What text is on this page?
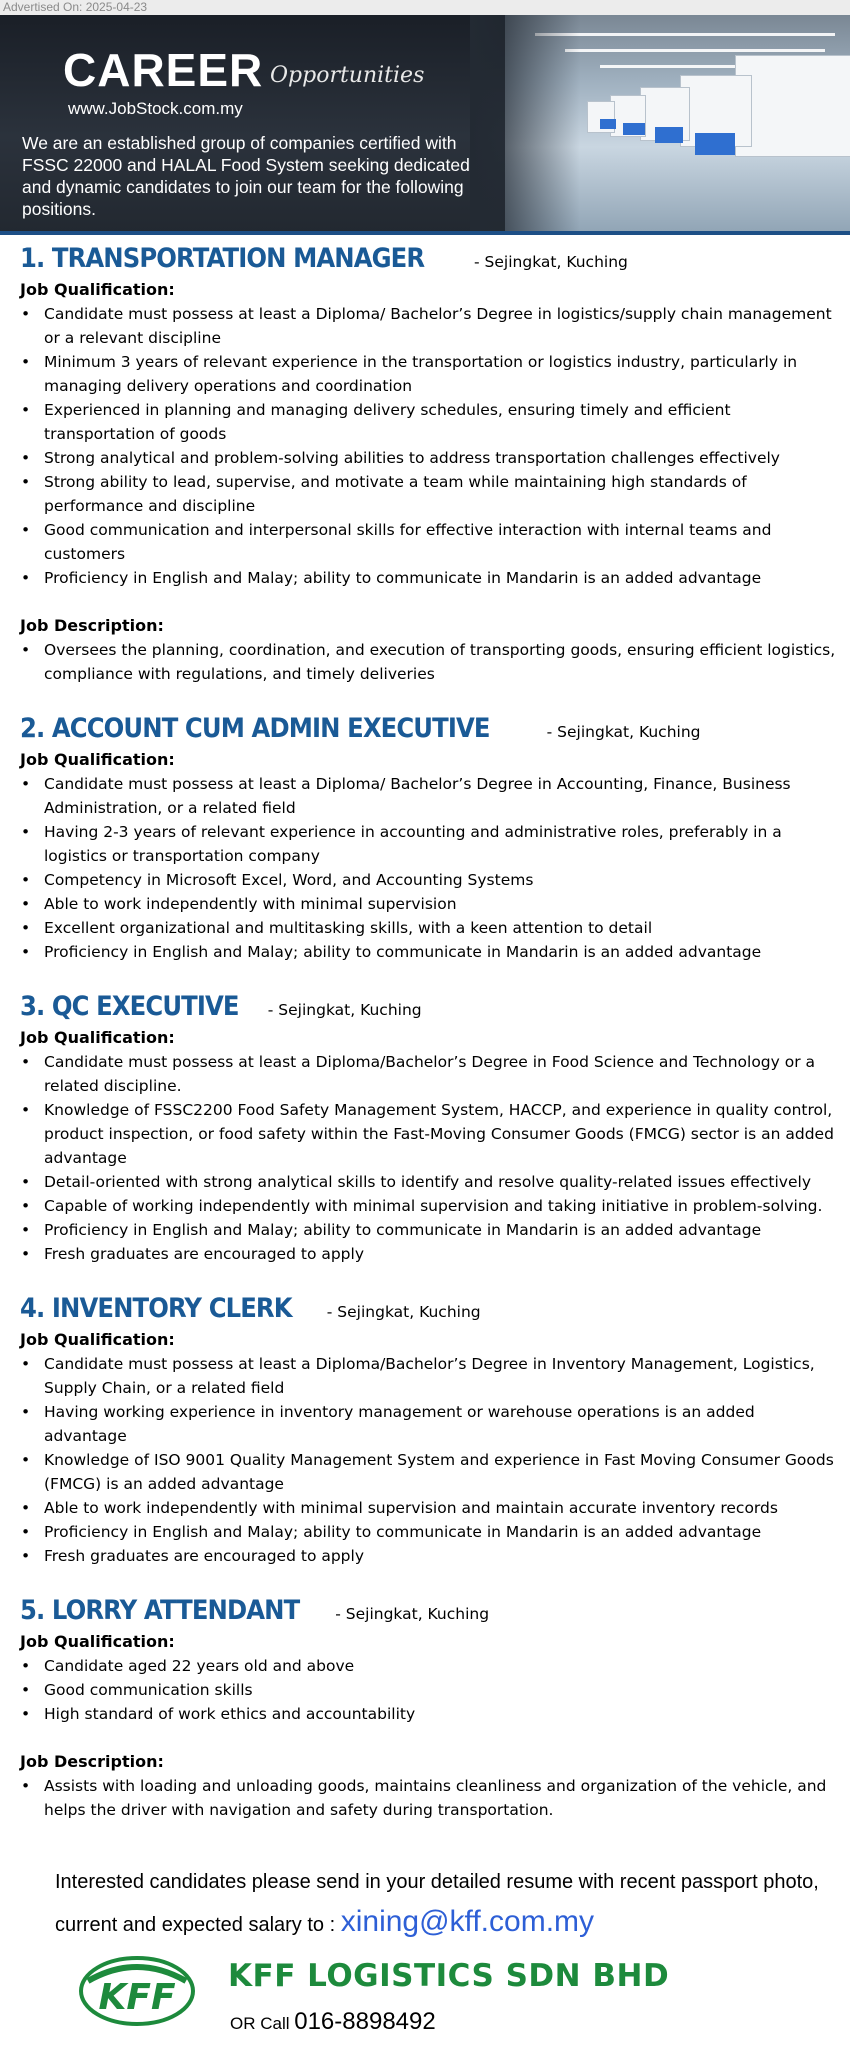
Advertised On: 2025-04-23
CAREER Opportunities
www.JobStock.com.my
We are an established group of companies certified with FSSC 22000 and HALAL Food System seeking dedicated and dynamic candidates to join our team for the following positions.
1. TRANSPORTATION MANAGER	- Sejingkat, Kuching
Job Qualification:
• Candidate must possess at least a Diploma/ Bachelor’s Degree in logistics/supply chain management or a relevant discipline
• Minimum 3 years of relevant experience in the transportation or logistics industry, particularly in managing delivery operations and coordination
• Experienced in planning and managing delivery schedules, ensuring timely and efficient transportation of goods
• Strong analytical and problem-solving abilities to address transportation challenges effectively
• Strong ability to lead, supervise, and motivate a team while maintaining high standards of performance and discipline
• Good communication and interpersonal skills for effective interaction with internal teams and customers
• Proficiency in English and Malay; ability to communicate in Mandarin is an added advantage
Job Description:
• Oversees the planning, coordination, and execution of transporting goods, ensuring efficient logistics, compliance with regulations, and timely deliveries
2. ACCOUNT CUM ADMIN EXECUTIVE	- Sejingkat, Kuching
Job Qualification:
• Candidate must possess at least a Diploma/ Bachelor’s Degree in Accounting, Finance, Business Administration, or a related field
• Having 2-3 years of relevant experience in accounting and administrative roles, preferably in a logistics or transportation company
• Competency in Microsoft Excel, Word, and Accounting Systems
• Able to work independently with minimal supervision
• Excellent organizational and multitasking skills, with a keen attention to detail
• Proficiency in English and Malay; ability to communicate in Mandarin is an added advantage
3. QC EXECUTIVE - Sejingkat, Kuching
Job Qualification:
• Candidate must possess at least a Diploma/Bachelor’s Degree in Food Science and Technology or a related discipline.
• Knowledge of FSSC2200 Food Safety Management System, HACCP, and experience in quality control, product inspection, or food safety within the Fast-Moving Consumer Goods (FMCG) sector is an added advantage
• Detail-oriented with strong analytical skills to identify and resolve quality-related issues effectively
• Capable of working independently with minimal supervision and taking initiative in problem-solving.
• Proficiency in English and Malay; ability to communicate in Mandarin is an added advantage
• Fresh graduates are encouraged to apply
4. INVENTORY CLERK - Sejingkat, Kuching
Job Qualification:
• Candidate must possess at least a Diploma/Bachelor’s Degree in Inventory Management, Logistics, Supply Chain, or a related field
• Having working experience in inventory management or warehouse operations is an added advantage
• Knowledge of ISO 9001 Quality Management System and experience in Fast Moving Consumer Goods (FMCG) is an added advantage
• Able to work independently with minimal supervision and maintain accurate inventory records
• Proficiency in English and Malay; ability to communicate in Mandarin is an added advantage
• Fresh graduates are encouraged to apply
5. LORRY ATTENDANT - Sejingkat, Kuching
Job Qualification:
• Candidate aged 22 years old and above
• Good communication skills
• High standard of work ethics and accountability
Job Description:
• Assists with loading and unloading goods, maintains cleanliness and organization of the vehicle, and helps the driver with navigation and safety during transportation.
Interested candidates please send in your detailed resume with recent passport photo,
current and expected salary to : xining@kff.com.my
KFF
KFF LOGISTICS SDN BHD
OR Call 016-8898492
